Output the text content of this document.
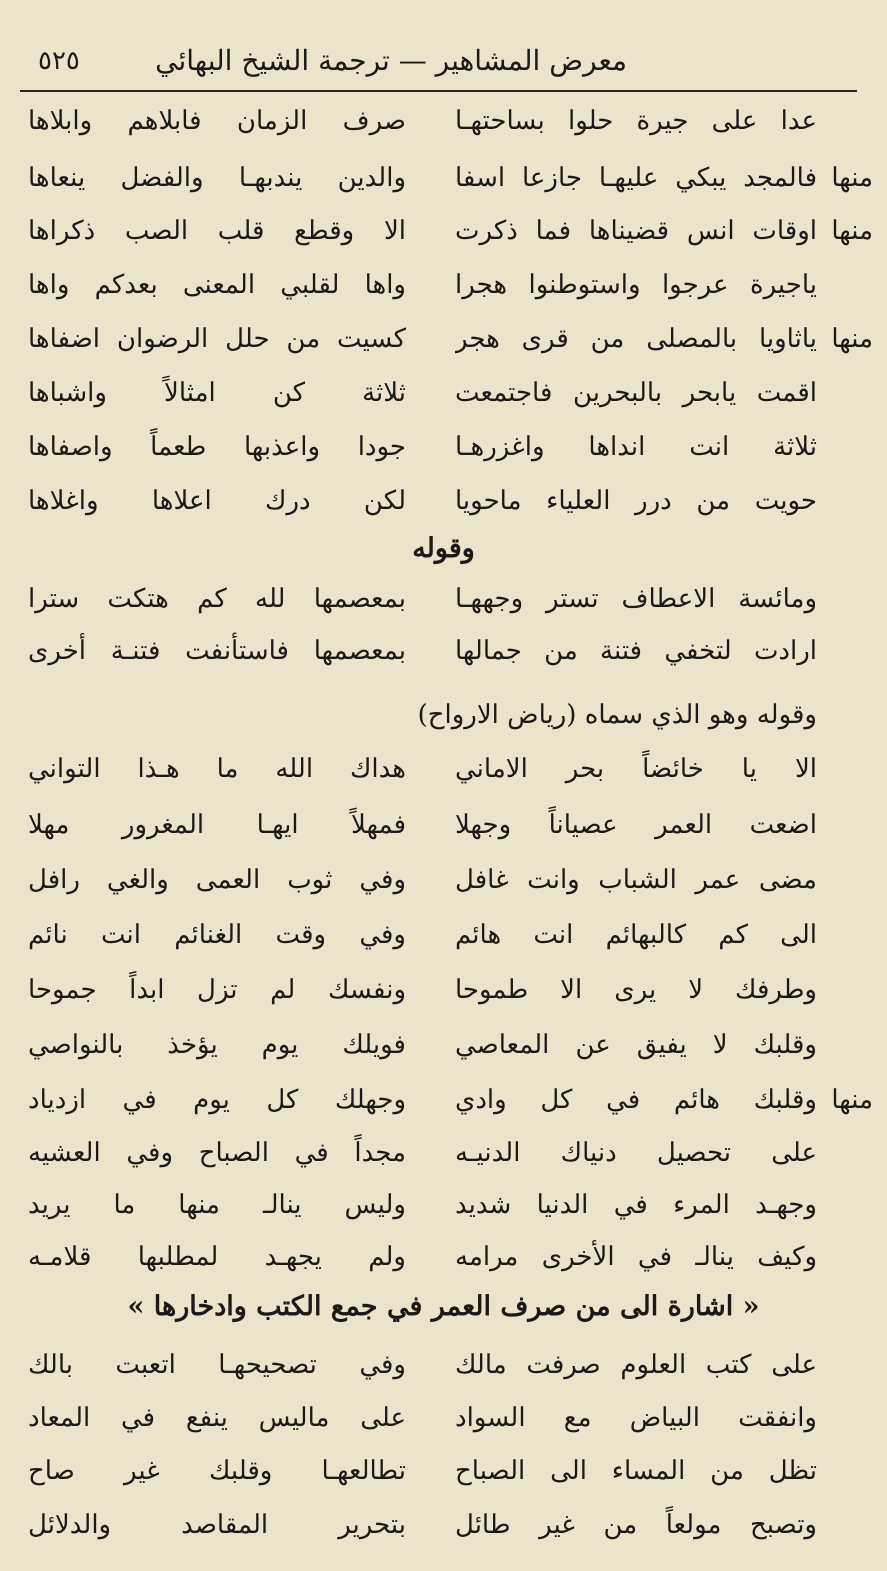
معرض المشاهير — ترجمة الشيخ البهائي
٥٢٥
عدا على جيرة حلوا بساحتهـا
صرف الزمان فابلاهم وابلاها
منها
فالمجد يبكي عليهـا جازعا اسفا
والدين يندبهـا والفضل ينعاها
منها
اوقات انس قضيناها فما ذكرت
الا وقطع قلب الصب ذكراها
ياجيرة عرجوا واستوطنوا هجرا
واها لقلبي المعنى بعدكم واها
منها
ياثاويا بالمصلى من قرى هجر
كسيت من حلل الرضوان اضفاها
اقمت يابحر بالبحرين فاجتمعت
ثلاثة كن امثالاً واشباها
ثلاثة انت انداها واغزرهـا
جودا واعذبها طعماً واصفاها
حويت من درر العلياء ماحويا
لكن درك اعلاها واغلاها
وقوله
ومائسة الاعطاف تستر وجههـا
بمعصمها لله كم هتكت سترا
ارادت لتخفي فتنة من جمالها
بمعصمها فاستأنفت فتنـة أخرى
وقوله وهو الذي سماه (رياض الارواح)
الا يا خائضاً بحر الاماني
هداك الله ما هـذا التواني
اضعت العمر عصياناً وجهلا
فمهلاً ايهـا المغرور مهلا
مضى عمر الشباب وانت غافل
وفي ثوب العمى والغي رافل
الى كم كالبهائم انت هائم
وفي وقت الغنائم انت نائم
وطرفك لا يرى الا طموحا
ونفسك لم تزل ابداً جموحا
وقلبك لا يفيق عن المعاصي
فويلك يوم يؤخذ بالنواصي
منها
وقلبك هائم في كل وادي
وجهلك كل يوم في ازدياد
على تحصيل دنياك الدنيـه
مجداً في الصباح وفي العشيه
وجهـد المرء في الدنيا شديد
وليس ينالـ منها ما يريد
وكيف ينالـ في الأخرى مرامه
ولم يجهـد لمطلبها قلامـه
« اشارة الى من صرف العمر في جمع الكتب وادخارها »
على كتب العلوم صرفت مالك
وفي تصحيحهـا اتعبت بالك
وانفقت البياض مع السواد
على ماليس ينفع في المعاد
تظل من المساء الى الصباح
تطالعهـا وقلبك غير صاح
وتصبح مولعاً من غير طائل
بتحرير المقاصد والدلائل
